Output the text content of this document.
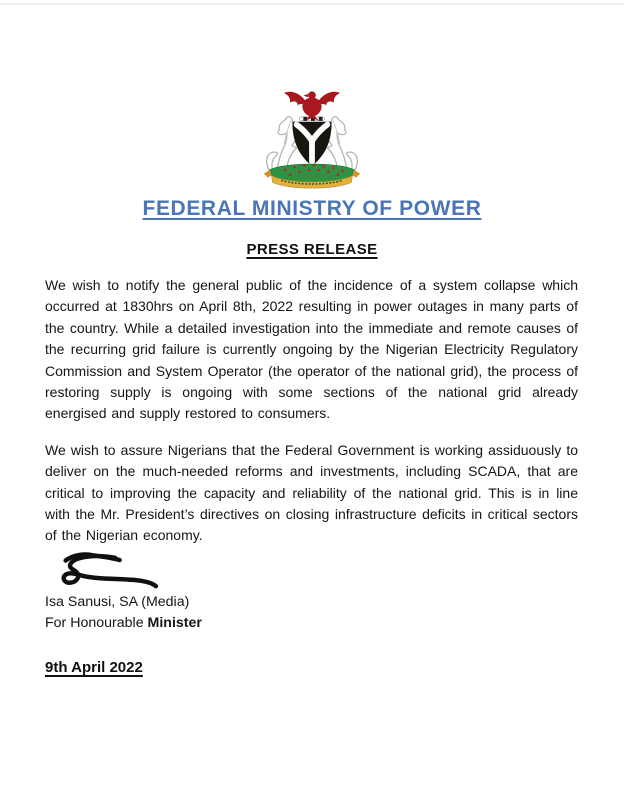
FEDERAL MINISTRY OF POWER
PRESS RELEASE

We wish to notify the general public of the incidence of a system collapse which occurred at 1830hrs on April 8th, 2022 resulting in power outages in many parts of the country. While a detailed investigation into the immediate and remote causes of the recurring grid failure is currently ongoing by the Nigerian Electricity Regulatory Commission and System Operator (the operator of the national grid), the process of restoring supply is ongoing with some sections of the national grid already energised and supply restored to consumers.

We wish to assure Nigerians that the Federal Government is working assiduously to deliver on the much-needed reforms and investments, including SCADA, that are critical to improving the capacity and reliability of the national grid. This is in line with the Mr. President’s directives on closing infrastructure deficits in critical sectors of the Nigerian economy.

Isa Sanusi, SA (Media)
For Honourable Minister
9th April 2022
